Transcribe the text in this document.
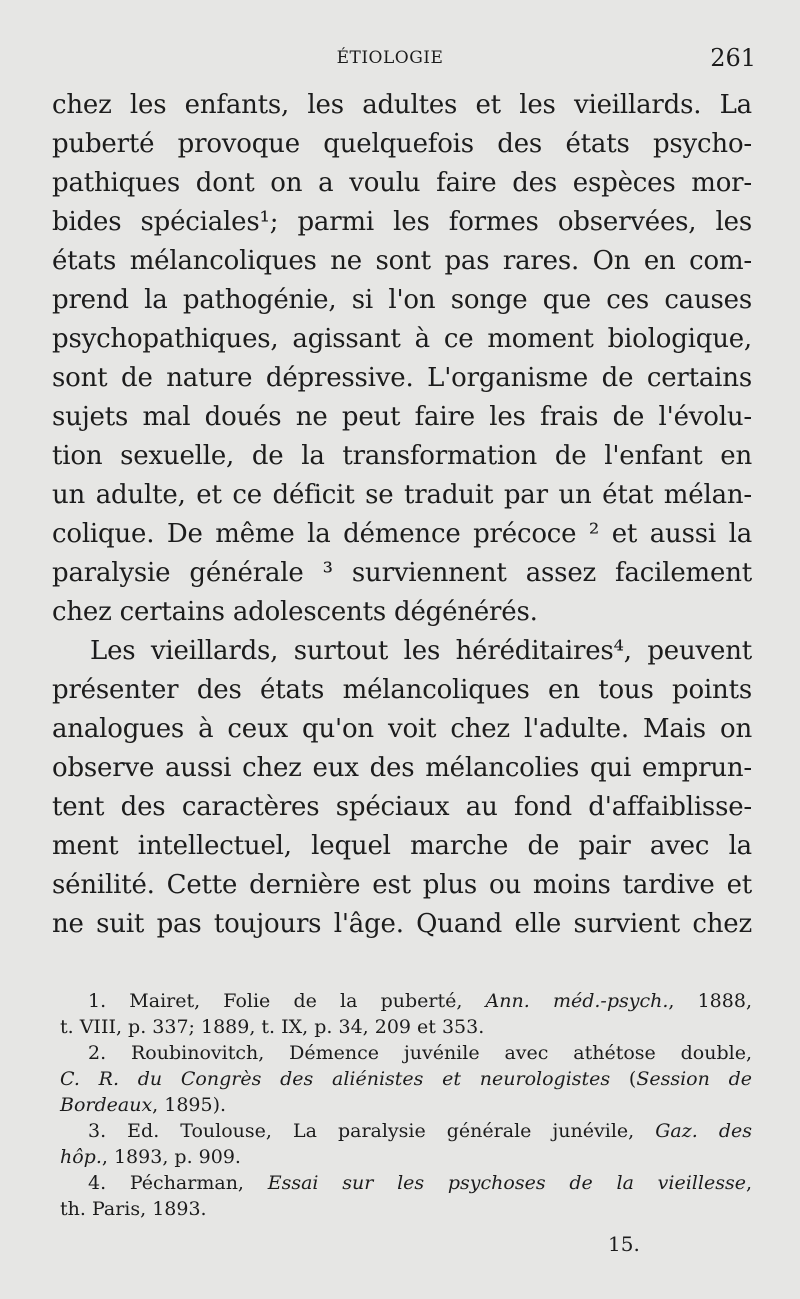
ÉTIOLOGIE	261
chez les enfants, les adultes et les vieillards. La
puberté provoque quelquefois des états psycho-
pathiques dont on a voulu faire des espèces mor-
bides spéciales¹; parmi les formes observées, les
états mélancoliques ne sont pas rares. On en com-
prend la pathogénie, si l'on songe que ces causes
psychopathiques, agissant à ce moment biologique,
sont de nature dépressive. L'organisme de certains
sujets mal doués ne peut faire les frais de l'évolu-
tion sexuelle, de la transformation de l'enfant en
un adulte, et ce déficit se traduit par un état mélan-
colique. De même la démence précoce ² et aussi la
paralysie générale ³ surviennent assez facilement
chez certains adolescents dégénérés.
Les vieillards, surtout les héréditaires⁴, peuvent
présenter des états mélancoliques en tous points
analogues à ceux qu'on voit chez l'adulte. Mais on
observe aussi chez eux des mélancolies qui emprun-
tent des caractères spéciaux au fond d'affaiblisse-
ment intellectuel, lequel marche de pair avec la
sénilité. Cette dernière est plus ou moins tardive et
ne suit pas toujours l'âge. Quand elle survient chez
1. Mairet, Folie de la puberté, Ann. méd.-psych., 1888,
t. VIII, p. 337; 1889, t. IX, p. 34, 209 et 353.
2. Roubinovitch, Démence juvénile avec athétose double,
C. R. du Congrès des aliénistes et neurologistes (Session de
Bordeaux, 1895).
3. Ed. Toulouse, La paralysie générale junévile, Gaz. des
hôp., 1893, p. 909.
4. Pécharman, Essai sur les psychoses de la vieillesse,
th. Paris, 1893.
15.
